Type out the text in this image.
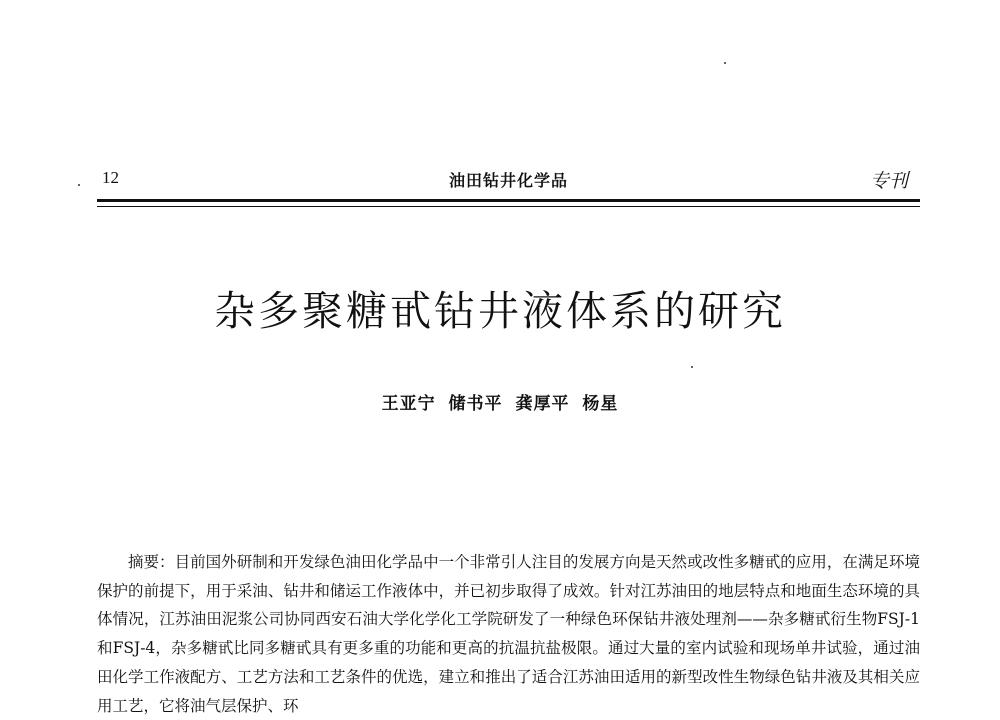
12	油田钻井化学品	专刊
杂多聚糖甙钻井液体系的研究
王亚宁 储书平 龚厚平 杨星
摘要：目前国外研制和开发绿色油田化学品中一个非常引人注目的发展方向是天然或改性多糖甙的应用，在满足环境保护的前提下，用于采油、钻井和储运工作液体中，并已初步取得了成效。针对江苏油田的地层特点和地面生态环境的具体情况，江苏油田泥浆公司协同西安石油大学化学化工学院研发了一种绿色环保钻井液处理剂——杂多糖甙衍生物FSJ-1和FSJ-4，杂多糖甙比同多糖甙具有更多重的功能和更高的抗温抗盐极限。通过大量的室内试验和现场单井试验，通过油田化学工作液配方、工艺方法和工艺条件的优选，建立和推出了适合江苏油田适用的新型改性生物绿色钻井液及其相关应用工艺，它将油气层保护、环
